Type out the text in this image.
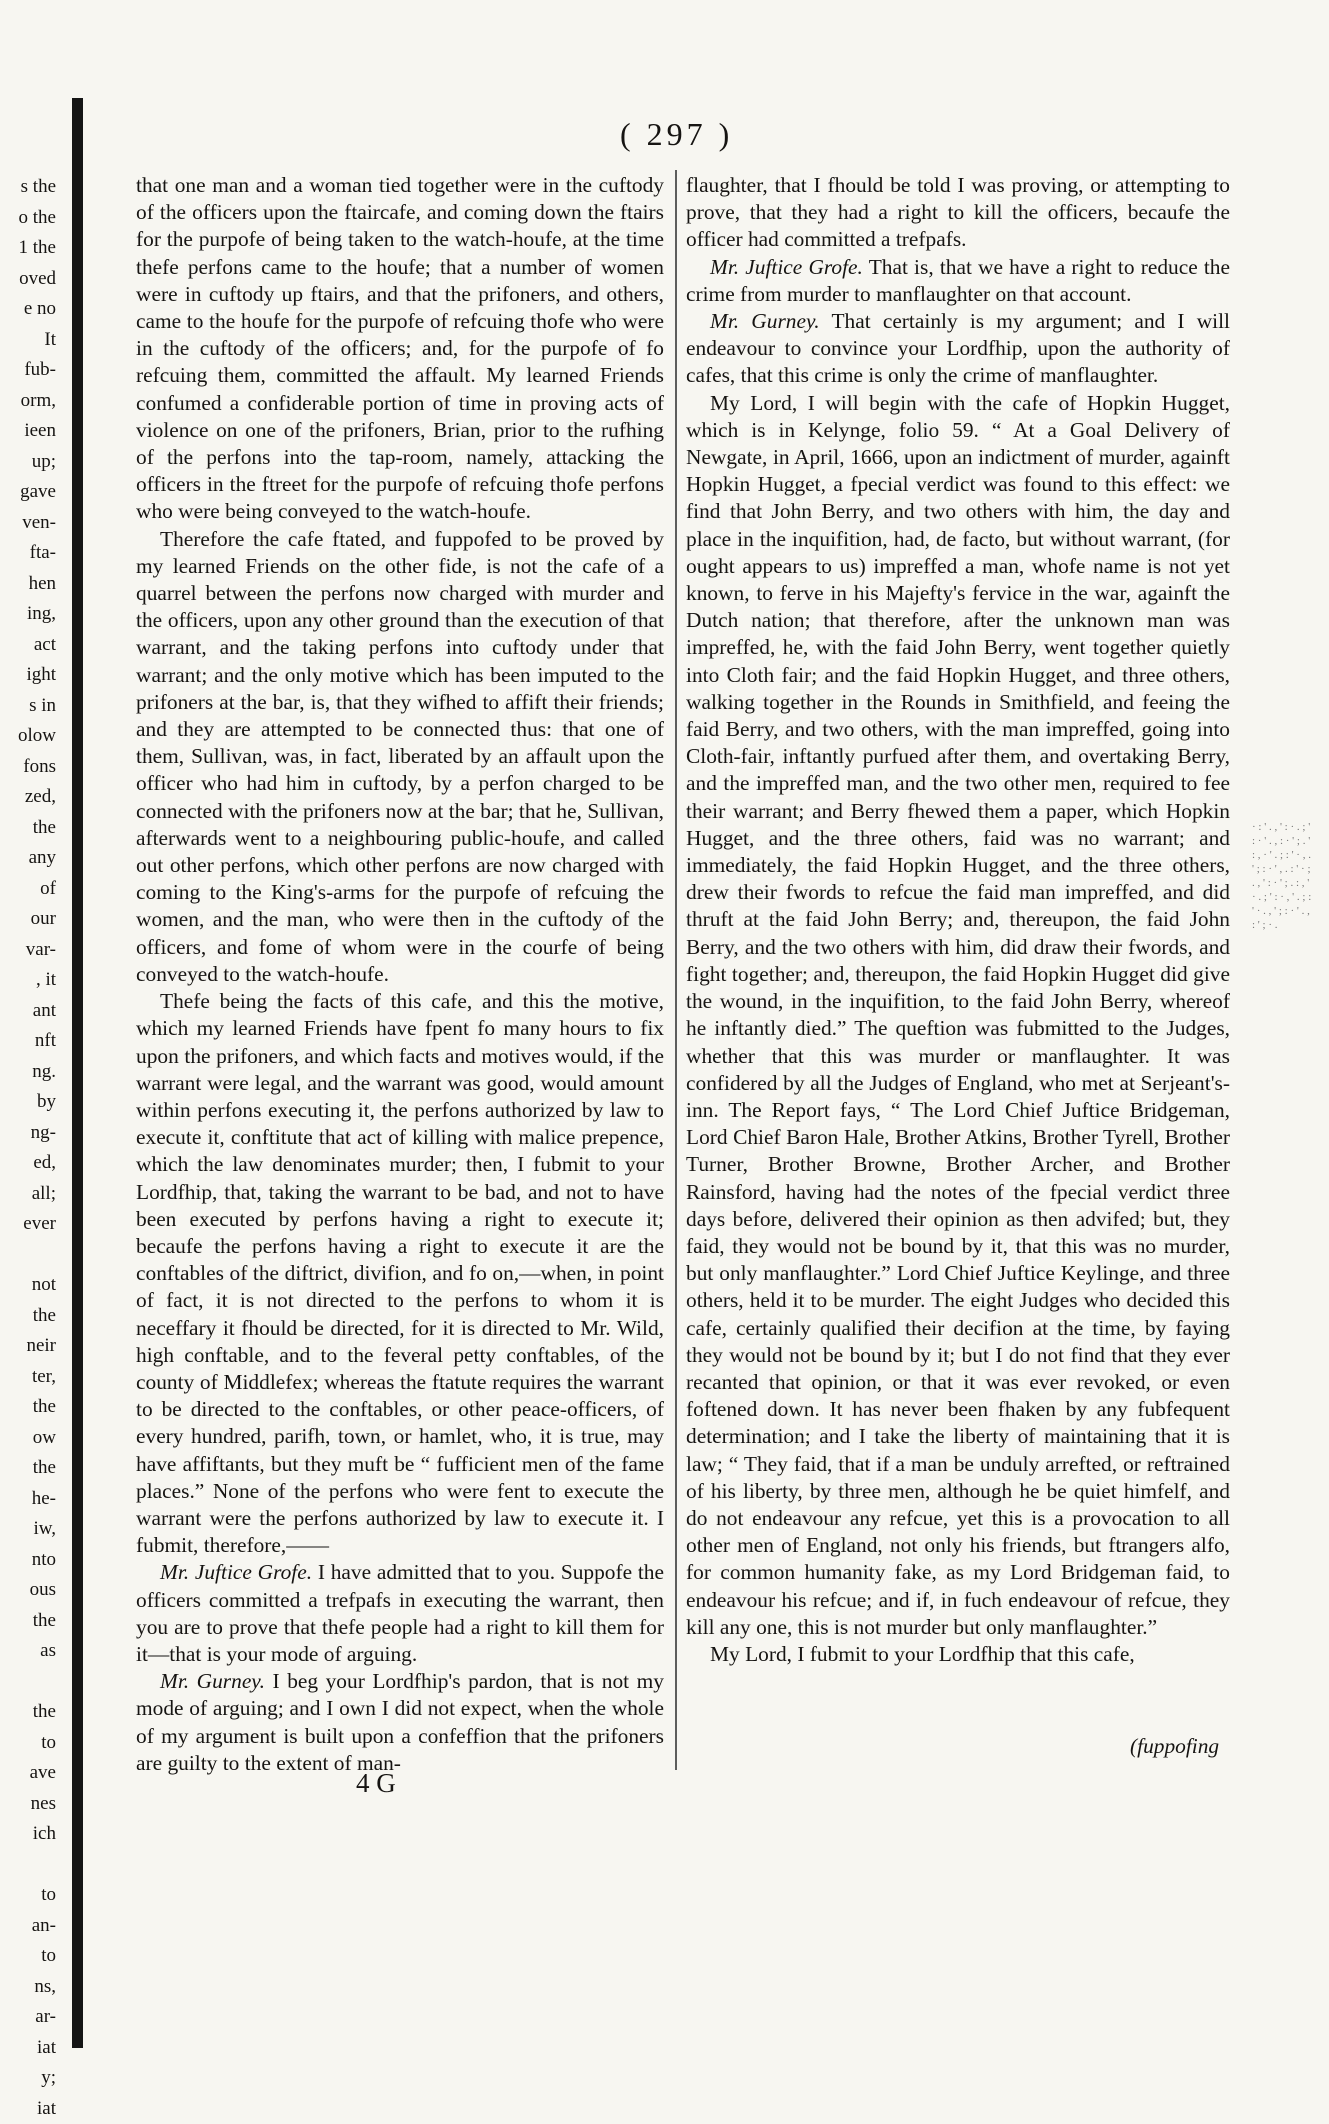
s the
o the
1 the
oved
e no
It
fub-
orm,
ieen
up;
gave
ven-
fta-
hen
ing,
act
ight
s in
olow
fons
zed,
the
any
of
our
var-
, it
ant
nft
ng.
by
ng-
ed,
all;
ever
not
the
neir
ter,
the
ow
the
he-
iw,
nto
ous
the
as
the
to
ave
nes
ich
to
an-
to
ns,
ar-
iat
y;
iat
( 297 )

that one man and a woman tied together were in the cuftody of the officers upon the ftaircafe, and coming down the ftairs for the purpofe of being taken to the watch-houfe, at the time thefe perfons came to the houfe; that a number of women were in cuftody up ftairs, and that the prifoners, and others, came to the houfe for the purpofe of refcuing thofe who were in the cuftody of the officers; and, for the purpofe of fo refcuing them, committed the affault. My learned Friends confumed a confiderable portion of time in proving acts of violence on one of the prifoners, Brian, prior to the rufhing of the perfons into the tap-room, namely, attacking the officers in the ftreet for the purpofe of refcuing thofe perfons who were being conveyed to the watch-houfe.

Therefore the cafe ftated, and fuppofed to be proved by my learned Friends on the other fide, is not the cafe of a quarrel between the perfons now charged with murder and the officers, upon any other ground than the execution of that warrant, and the taking perfons into cuftody under that warrant; and the only motive which has been imputed to the prifoners at the bar, is, that they wifhed to affift their friends; and they are attempted to be connected thus: that one of them, Sullivan, was, in fact, liberated by an affault upon the officer who had him in cuftody, by a perfon charged to be connected with the prifoners now at the bar; that he, Sullivan, afterwards went to a neighbouring public-houfe, and called out other perfons, which other perfons are now charged with coming to the King's-arms for the purpofe of refcuing the women, and the man, who were then in the cuftody of the officers, and fome of whom were in the courfe of being conveyed to the watch-houfe.

Thefe being the facts of this cafe, and this the motive, which my learned Friends have fpent fo many hours to fix upon the prifoners, and which facts and motives would, if the warrant were legal, and the warrant was good, would amount within perfons executing it, the perfons authorized by law to execute it, conftitute that act of killing with malice prepence, which the law denominates murder; then, I fubmit to your Lordfhip, that, taking the warrant to be bad, and not to have been executed by perfons having a right to execute it; becaufe the perfons having a right to execute it are the conftables of the diftrict, divifion, and fo on,—when, in point of fact, it is not directed to the perfons to whom it is neceffary it fhould be directed, for it is directed to Mr. Wild, high conftable, and to the feveral petty conftables, of the county of Middlefex; whereas the ftatute requires the warrant to be directed to the conftables, or other peace-officers, of every hundred, parifh, town, or hamlet, who, it is true, may have affiftants, but they muft be “ fufficient men of the fame places.” None of the perfons who were fent to execute the warrant were the perfons authorized by law to execute it. I fubmit, therefore,——

Mr. Juftice Grofe. I have admitted that to you. Suppofe the officers committed a trefpafs in executing the warrant, then you are to prove that thefe people had a right to kill them for it—that is your mode of arguing.

Mr. Gurney. I beg your Lordfhip's pardon, that is not my mode of arguing; and I own I did not expect, when the whole of my argument is built upon a confeffion that the prifoners are guilty to the extent of man-

flaughter, that I fhould be told I was proving, or attempting to prove, that they had a right to kill the officers, becaufe the officer had committed a trefpafs.

Mr. Juftice Grofe. That is, that we have a right to reduce the crime from murder to manflaughter on that account.

Mr. Gurney. That certainly is my argument; and I will endeavour to convince your Lordfhip, upon the authority of cafes, that this crime is only the crime of manflaughter.

My Lord, I will begin with the cafe of Hopkin Hugget, which is in Kelynge, folio 59. “ At a Goal Delivery of Newgate, in April, 1666, upon an indictment of murder, againft Hopkin Hugget, a fpecial verdict was found to this effect: we find that John Berry, and two others with him, the day and place in the inquifition, had, de facto, but without warrant, (for ought appears to us) impreffed a man, whofe name is not yet known, to ferve in his Majefty's fervice in the war, againft the Dutch nation; that therefore, after the unknown man was impreffed, he, with the faid John Berry, went together quietly into Cloth fair; and the faid Hopkin Hugget, and three others, walking together in the Rounds in Smithfield, and feeing the faid Berry, and two others, with the man impreffed, going into Cloth-fair, inftantly purfued after them, and overtaking Berry, and the impreffed man, and the two other men, required to fee their warrant; and Berry fhewed them a paper, which Hopkin Hugget, and the three others, faid was no warrant; and immediately, the faid Hopkin Hugget, and the three others, drew their fwords to refcue the faid man impreffed, and did thruft at the faid John Berry; and, thereupon, the faid John Berry, and the two others with him, did draw their fwords, and fight together; and, thereupon, the faid Hopkin Hugget did give the wound, in the inquifition, to the faid John Berry, whereof he inftantly died.” The queftion was fubmitted to the Judges, whether that this was murder or manflaughter. It was confidered by all the Judges of England, who met at Serjeant's-inn. The Report fays, “ The Lord Chief Juftice Bridgeman, Lord Chief Baron Hale, Brother Atkins, Brother Tyrell, Brother Turner, Brother Browne, Brother Archer, and Brother Rainsford, having had the notes of the fpecial verdict three days before, delivered their opinion as then advifed; but, they faid, they would not be bound by it, that this was no murder, but only manflaughter.” Lord Chief Juftice Keylinge, and three others, held it to be murder. The eight Judges who decided this cafe, certainly qualified their decifion at the time, by faying they would not be bound by it; but I do not find that they ever recanted that opinion, or that it was ever revoked, or even foftened down. It has never been fhaken by any fubfequent determination; and I take the liberty of maintaining that it is law; “ They faid, that if a man be unduly arrefted, or reftrained of his liberty, by three men, although he be quiet himfelf, and do not endeavour any refcue, yet this is a provocation to all other men of England, not only his friends, but ftrangers alfo, for common humanity fake, as my Lord Bridgeman faid, to endeavour his refcue; and if, in fuch endeavour of refcue, they kill any one, this is not murder but only manflaughter.”

My Lord, I fubmit to your Lordfhip that this cafe,

· : ' . , ' : · . ; ' : · ' . , : · ' ; . ' : , · ' . ; : ' · , . ' ; : · ' , . : ' · ; . , ' : · ' ; . : , ' · . ; ' : · , ' . ; : ' · . , ' ; : · ' . , : ' ; · .
4 G
(fuppofing
